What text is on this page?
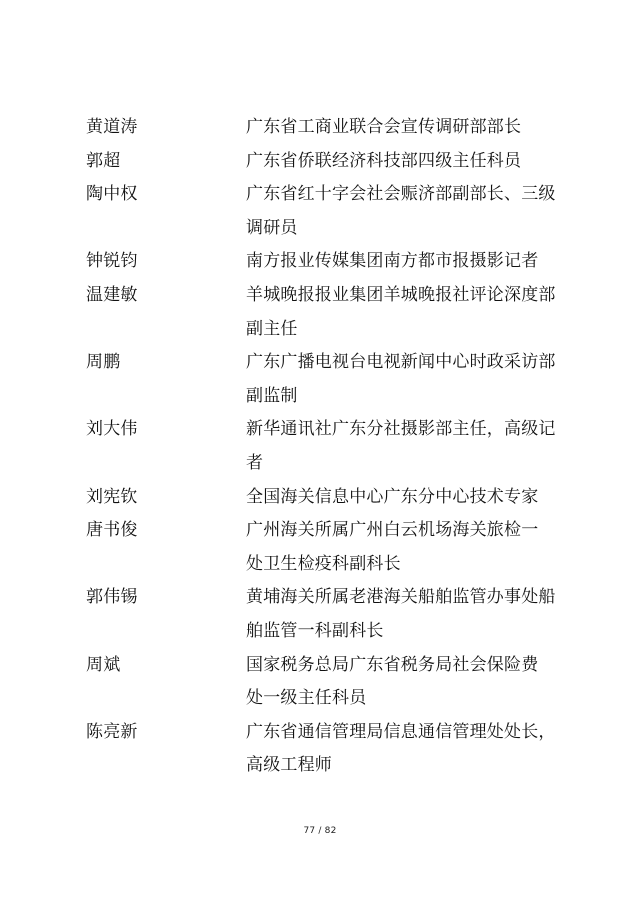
黄道涛	广东省工商业联合会宣传调研部部长
郭超	广东省侨联经济科技部四级主任科员
陶中权	广东省红十字会社会赈济部副部长、三级
调研员
钟锐钧	南方报业传媒集团南方都市报摄影记者
温建敏	羊城晚报报业集团羊城晚报社评论深度部
副主任
周鹏	广东广播电视台电视新闻中心时政采访部
副监制
刘大伟	新华通讯社广东分社摄影部主任，高级记
者
刘宪钦	全国海关信息中心广东分中心技术专家
唐书俊	广州海关所属广州白云机场海关旅检一
处卫生检疫科副科长
郭伟锡	黄埔海关所属老港海关船舶监管办事处船
舶监管一科副科长
周斌	国家税务总局广东省税务局社会保险费
处一级主任科员
陈亮新	广东省通信管理局信息通信管理处处长，
高级工程师
77 / 82
